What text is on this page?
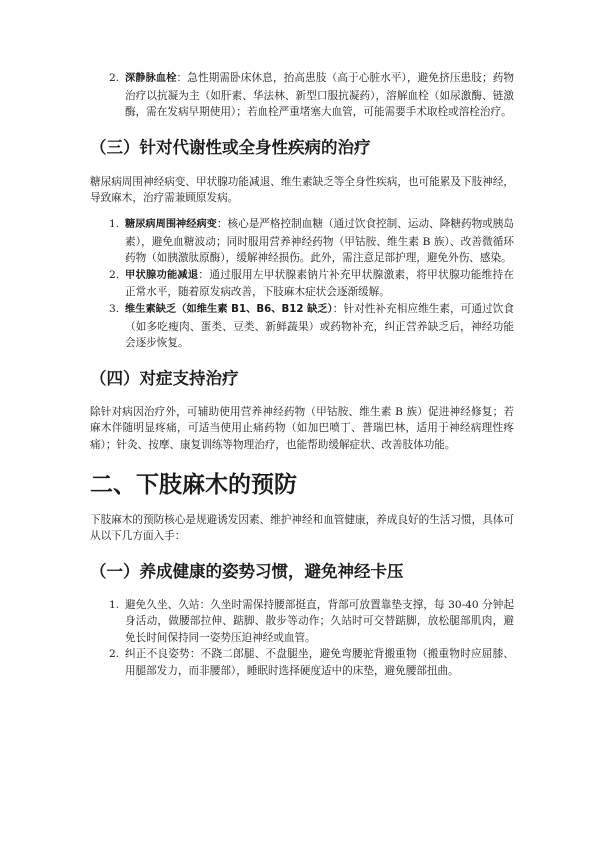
2. 深静脉血栓：急性期需卧床休息，抬高患肢（高于心脏水平），避免挤压患肢；药物治疗以抗凝为主（如肝素、华法林、新型口服抗凝药），溶解血栓（如尿激酶、链激酶，需在发病早期使用）；若血栓严重堵塞大血管，可能需要手术取栓或溶栓治疗。
（三）针对代谢性或全身性疾病的治疗

糖尿病周围神经病变、甲状腺功能减退、维生素缺乏等全身性疾病，也可能累及下肢神经，导致麻木，治疗需兼顾原发病。

1. 糖尿病周围神经病变：核心是严格控制血糖（通过饮食控制、运动、降糖药物或胰岛素），避免血糖波动；同时服用营养神经药物（甲钴胺、维生素 B 族）、改善微循环药物（如胰激肽原酶），缓解神经损伤。此外，需注意足部护理，避免外伤、感染。
2. 甲状腺功能减退：通过服用左甲状腺素钠片补充甲状腺激素，将甲状腺功能维持在正常水平，随着原发病改善，下肢麻木症状会逐渐缓解。
3. 维生素缺乏（如维生素 B1、B6、B12 缺乏）：针对性补充相应维生素，可通过饮食（如多吃瘦肉、蛋类、豆类、新鲜蔬果）或药物补充，纠正营养缺乏后，神经功能会逐步恢复。
（四）对症支持治疗

除针对病因治疗外，可辅助使用营养神经药物（甲钴胺、维生素 B 族）促进神经修复；若麻木伴随明显疼痛，可适当使用止痛药物（如加巴喷丁、普瑞巴林，适用于神经病理性疼痛）；针灸、按摩、康复训练等物理治疗，也能帮助缓解症状、改善肢体功能。

二、下肢麻木的预防

下肢麻木的预防核心是规避诱发因素、维护神经和血管健康，养成良好的生活习惯，具体可从以下几方面入手：

（一）养成健康的姿势习惯，避免神经卡压
1. 避免久坐、久站：久坐时需保持腰部挺直，背部可放置靠垫支撑，每 30-40 分钟起身活动，做腰部拉伸、踮脚、散步等动作；久站时可交替踮脚，放松腿部肌肉，避免长时间保持同一姿势压迫神经或血管。
2. 纠正不良姿势：不跷二郎腿、不盘腿坐，避免弯腰驼背搬重物（搬重物时应屈膝、用腿部发力，而非腰部），睡眠时选择硬度适中的床垫，避免腰部扭曲。
